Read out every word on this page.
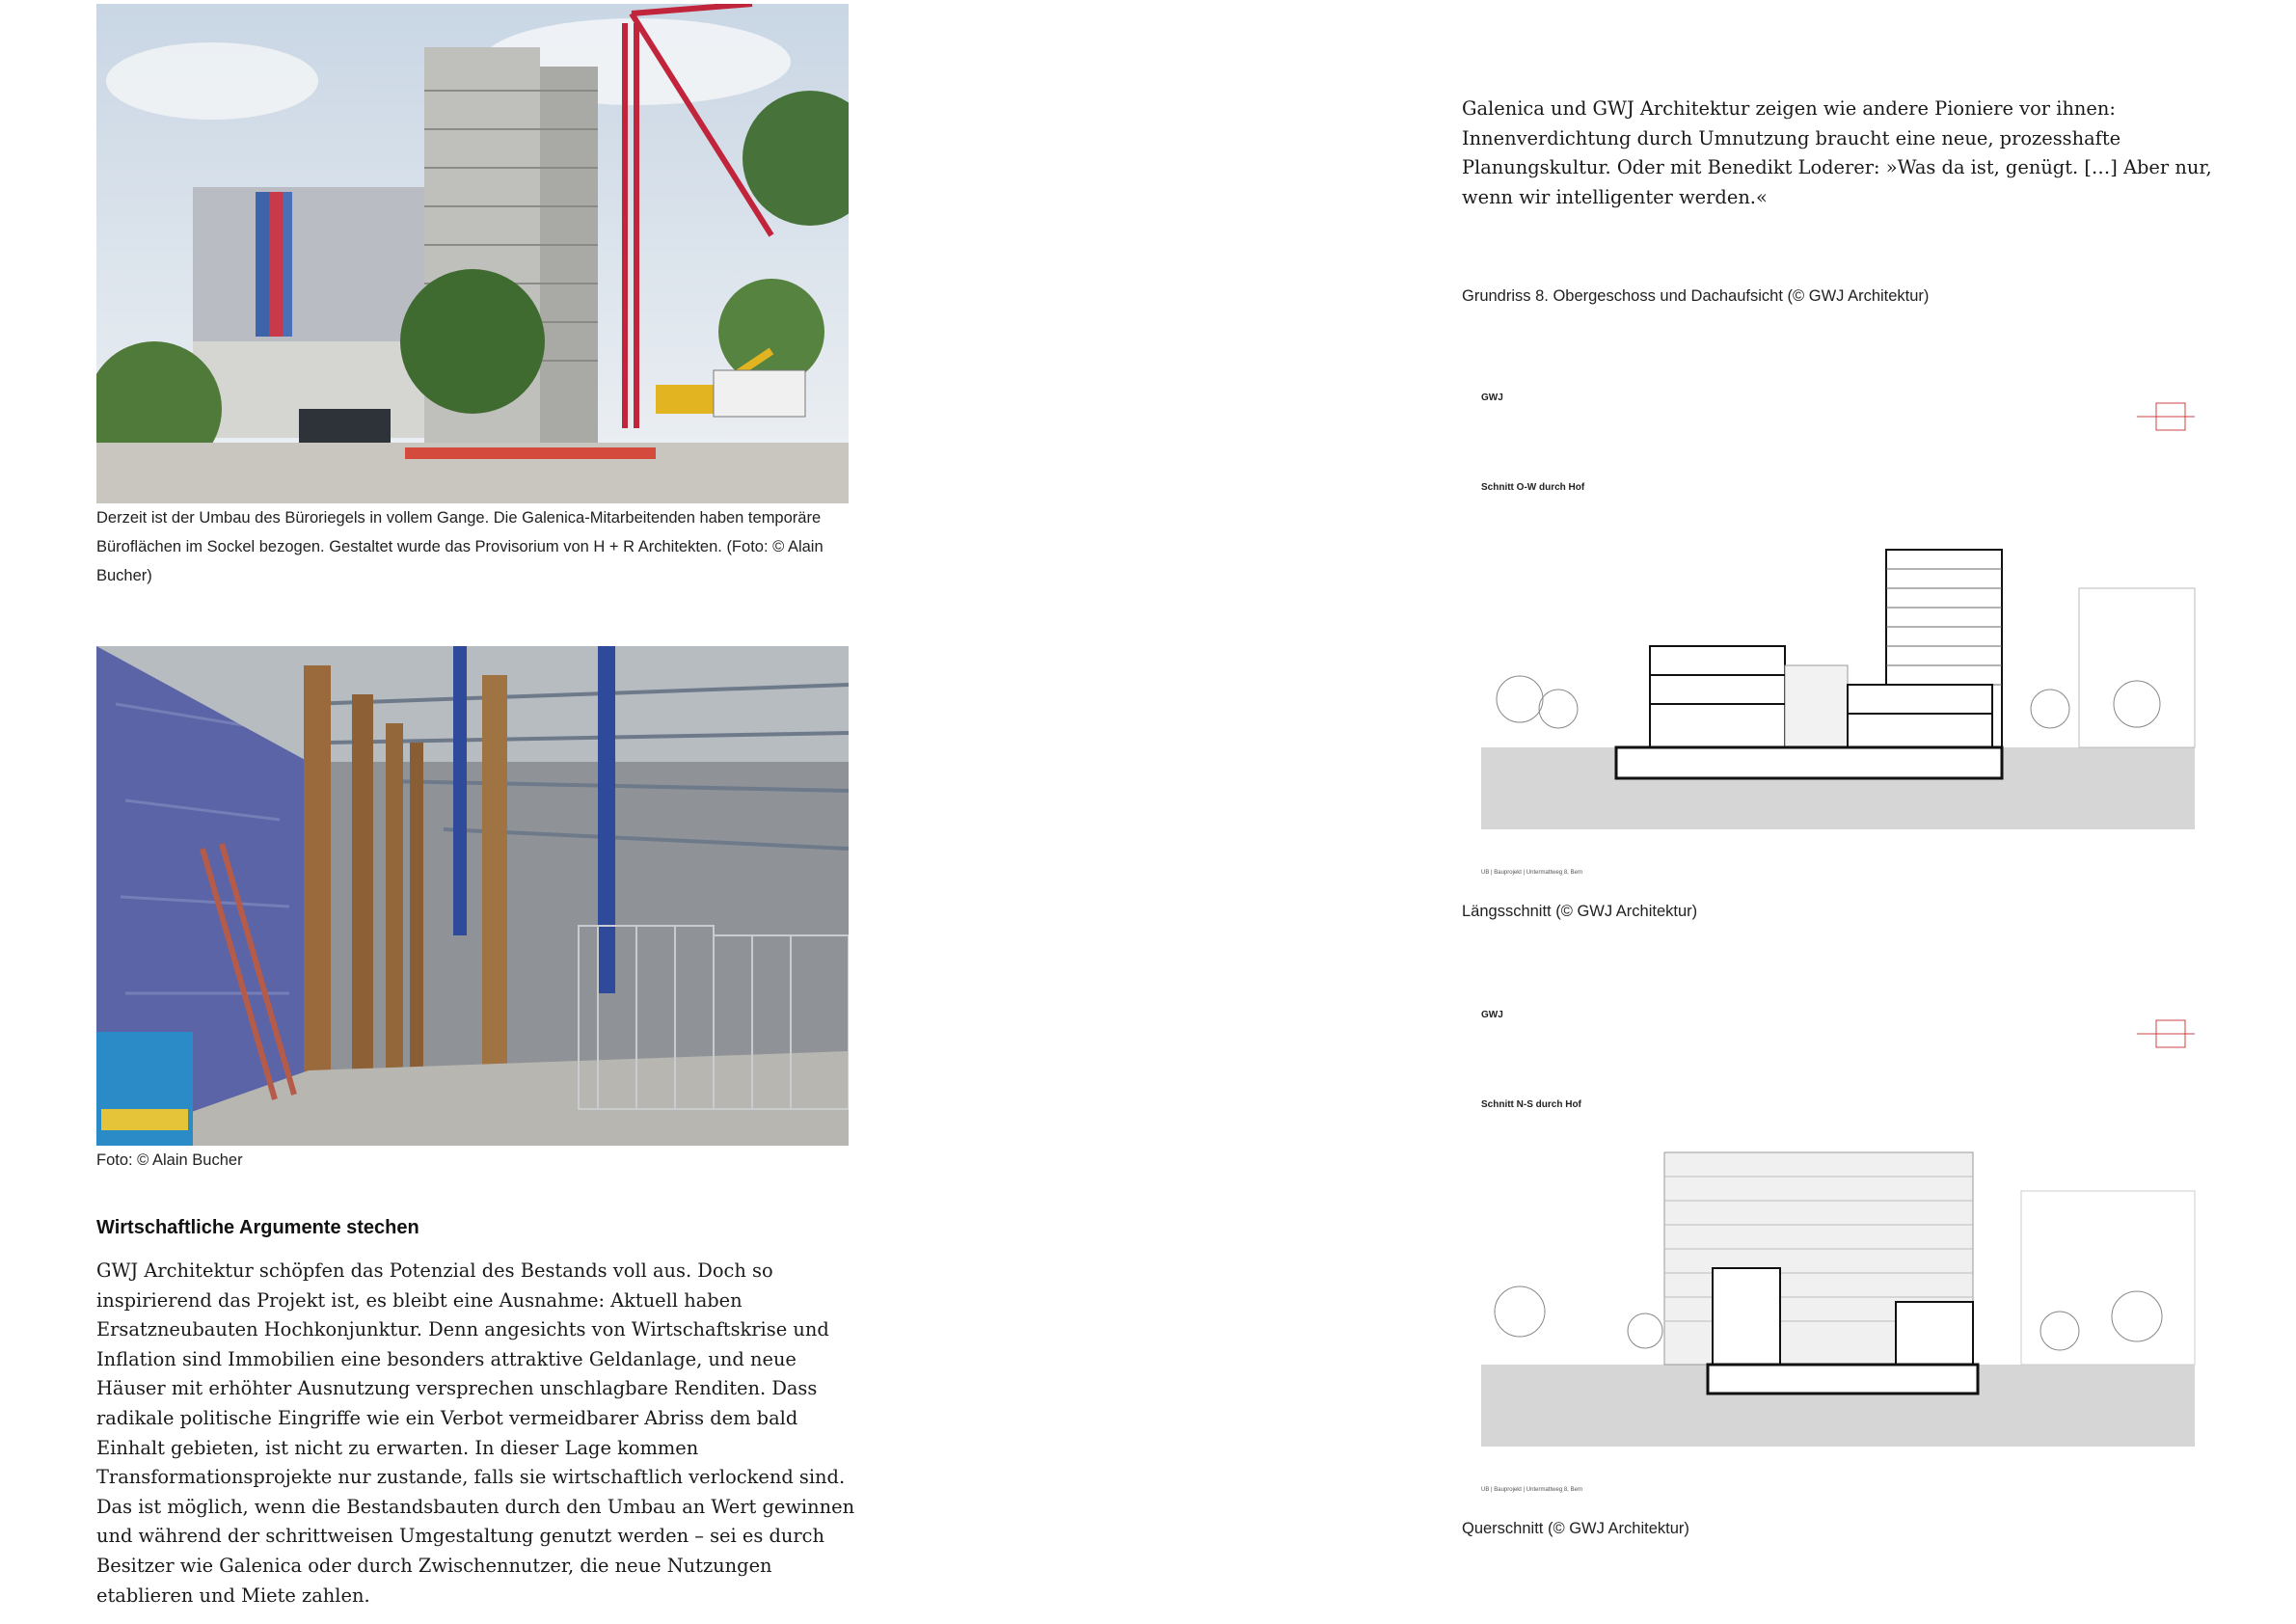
Derzeit ist der Umbau des Büroriegels in vollem Gange. Die Galenica-Mitarbeitenden haben temporäre Büroflächen im Sockel bezogen. Gestaltet wurde das Provisorium von H + R Architekten. (Foto: © Alain Bucher)
Foto: © Alain Bucher
Wirtschaftliche Argumente stechen
GWJ Architektur schöpfen das Potenzial des Bestands voll aus. Doch so inspirierend das Projekt ist, es bleibt eine Ausnahme: Aktuell haben Ersatzneubauten Hochkonjunktur. Denn angesichts von Wirtschaftskrise und Inflation sind Immobilien eine besonders attraktive Geldanlage, und neue Häuser mit erhöhter Ausnutzung versprechen unschlagbare Renditen. Dass radikale politische Eingriffe wie ein Verbot vermeidbarer Abriss dem bald Einhalt gebieten, ist nicht zu erwarten. In dieser Lage kommen Transformationsprojekte nur zustande, falls sie wirtschaftlich verlockend sind. Das ist möglich, wenn die Bestandsbauten durch den Umbau an Wert gewinnen und während der schrittweisen Umgestaltung genutzt werden – sei es durch Besitzer wie Galenica oder durch Zwischennutzer, die neue Nutzungen etablieren und Miete zahlen.
Galenica und GWJ Architektur zeigen wie andere Pioniere vor ihnen: Innenverdichtung durch Umnutzung braucht eine neue, prozesshafte Planungskultur. Oder mit Benedikt Loderer: »Was da ist, genügt. […] Aber nur, wenn wir intelligenter werden.«
Grundriss 8. Obergeschoss und Dachaufsicht (© GWJ Architektur)
GWJ
Schnitt O-W durch Hof
UB | Bauprojekt | Untermattweg 8, Bern
Längsschnitt (© GWJ Architektur)
GWJ
Schnitt N-S durch Hof
UB | Bauprojekt | Untermattweg 8, Bern
Querschnitt (© GWJ Architektur)
